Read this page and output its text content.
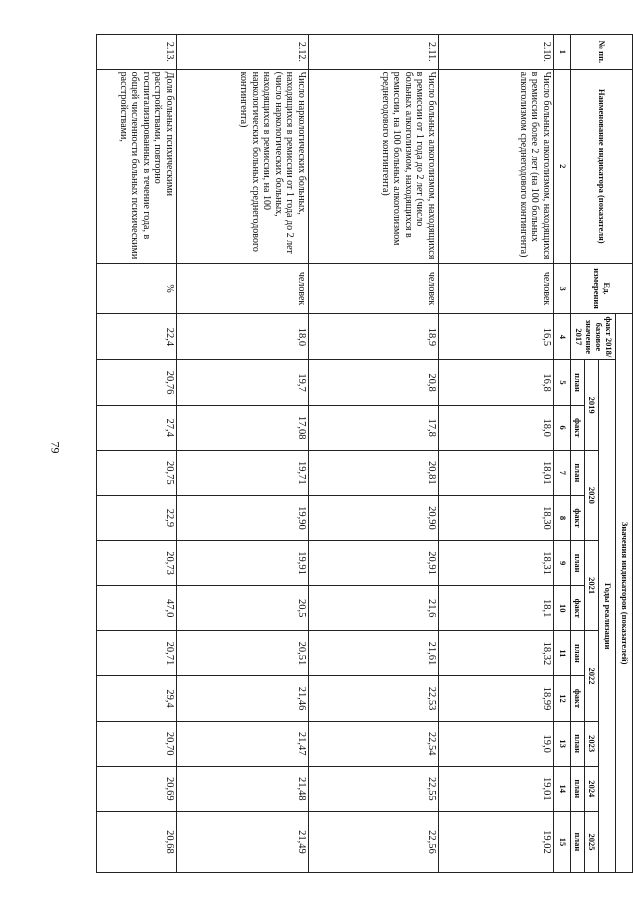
79
№ пп.	Наименование индикатора (показателя)	Ед. измерения	Значения индикаторов (показателей)											
			факт 2018/базовое значение 2017	Годы реализации										
				2019		2020		2021		2022		2023	2024	2025
				план	факт	план	факт	план	факт	план	факт	план	план	план
1	2	3	4	5	6	7	8	9	10	11	12	13	14	15
2.10.	Число больных алкоголизмом, находящихся в ремиссии более 2 лет (на 100 больных алкоголизмом среднегодового контингента)	человек	16,5	16,8	18,0	18,01	18,30	18,31	18,1	18,32	18,99	19,0	19,01	19,02
2.11.	Число больных алкоголизмом, находящихся в ремиссии от 1 года до 2 лет (число больных алкоголизмом, находящихся в ремиссии, на 100 больных алкоголизмом среднегодового контингента)	человек	18,9	20,8	17,8	20,81	20,90	20,91	21,6	21,61	22,53	22,54	22,55	22,56
2.12.	Число наркологических больных, находящихся в ремиссии от 1 года до 2 лет (число наркологических больных, находящихся в ремиссии, на 100 наркологических больных среднегодового контингента)	человек	18,0	19,7	17,08	19,71	19,90	19,91	20,5	20,51	21,46	21,47	21,48	21,49
2.13.	Доля больных психическими расстройствами, повторно госпитализированных в течение года, в общей численности больных психическими расстройствами,	%	22,4	20,76	27,4	20,75	22,9	20,73	47,0	20,71	29,4	20,70	20,69	20,68
